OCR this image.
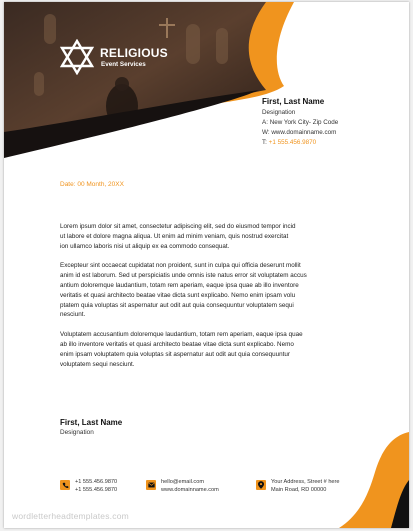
RELIGIOUS
Event Services
First, Last Name
Designation
A: New York City- Zip Code
W: www.domainname.com
T: +1 555.456.9870
Date: 00 Month, 20XX

Lorem ipsum dolor sit amet, consectetur adipiscing elit, sed do eiusmod tempor incid
ut labore et dolore magna aliqua. Ut enim ad minim veniam, quis nostrud exercitat
ion ullamco laboris nisi ut aliquip ex ea commodo consequat.

Excepteur sint occaecat cupidatat non proident, sunt in culpa qui officia deserunt mollit
anim id est laborum. Sed ut perspiciatis unde omnis iste natus error sit voluptatem accus
antium doloremque laudantium, totam rem aperiam, eaque ipsa quae ab illo inventore
veritatis et quasi architecto beatae vitae dicta sunt explicabo. Nemo enim ipsam volu
ptatem quia voluptas sit aspernatur aut odit aut quia consequuntur voluptatem sequi
nesciunt.

Voluptatem accusantium doloremque laudantium, totam rem aperiam, eaque ipsa quae
ab illo inventore veritatis et quasi architecto beatae vitae dicta sunt explicabo. Nemo
enim ipsam voluptatem quia voluptas sit aspernatur aut odit aut quia consequuntur
voluptatem sequi nesciunt.

First, Last Name
Designation
+1 555.456.9870
+1 555.456.9870
hello@email.com
www.domainname.com
Your Address, Street # here
Main Road, RD 00000
wordletterheadtemplates.com
